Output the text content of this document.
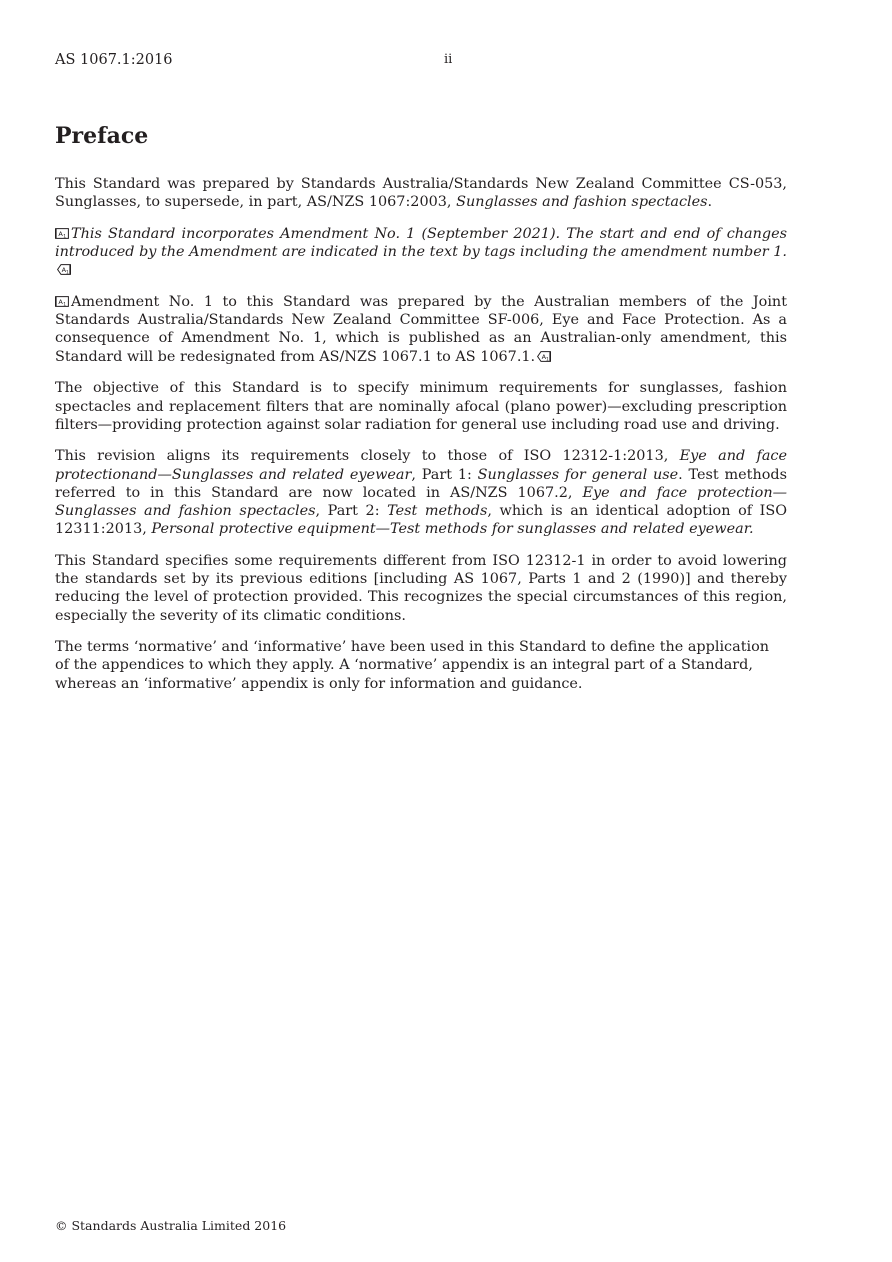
AS 1067.1:2016	ii
Preface

This Standard was prepared by Standards Australia/Standards New Zealand Committee CS-053, Sunglasses, to supersede, in part, AS/NZS 1067:2003, Sunglasses and fashion spectacles.

A 1 This Standard incorporates Amendment No. 1 (September 2021). The start and end of changes introduced by the Amendment are indicated in the text by tags including the amendment number 1.
A 1

A 1 Amendment No. 1 to this Standard was prepared by the Australian members of the Joint Standards Australia/Standards New Zealand Committee SF-006, Eye and Face Protection. As a consequence of Amendment No. 1, which is published as an Australian-only amendment, this Standard will be redesignated from AS/NZS 1067.1 to AS 1067.1. A 1

The objective of this Standard is to specify minimum requirements for sunglasses, fashion spectacles and replacement filters that are nominally afocal (plano power)—excluding prescription filters—providing protection against solar radiation for general use including road use and driving.

This revision aligns its requirements closely to those of ISO 12312-1:2013, Eye and face protectionand—Sunglasses and related eyewear, Part 1: Sunglasses for general use. Test methods referred to in this Standard are now located in AS/NZS 1067.2, Eye and face protection—Sunglasses and fashion spectacles, Part 2: Test methods, which is an identical adoption of ISO 12311:2013, Personal protective equipment—Test methods for sunglasses and related eyewear.

This Standard specifies some requirements different from ISO 12312-1 in order to avoid lowering the standards set by its previous editions [including AS 1067, Parts 1 and 2 (1990)] and thereby reducing the level of protection provided. This recognizes the special circumstances of this region, especially the severity of its climatic conditions.

The terms ‘normative’ and ‘informative’ have been used in this Standard to define the application of the appendices to which they apply. A ‘normative’ appendix is an integral part of a Standard, whereas an ‘informative’ appendix is only for information and guidance.

© Standards Australia Limited 2016
